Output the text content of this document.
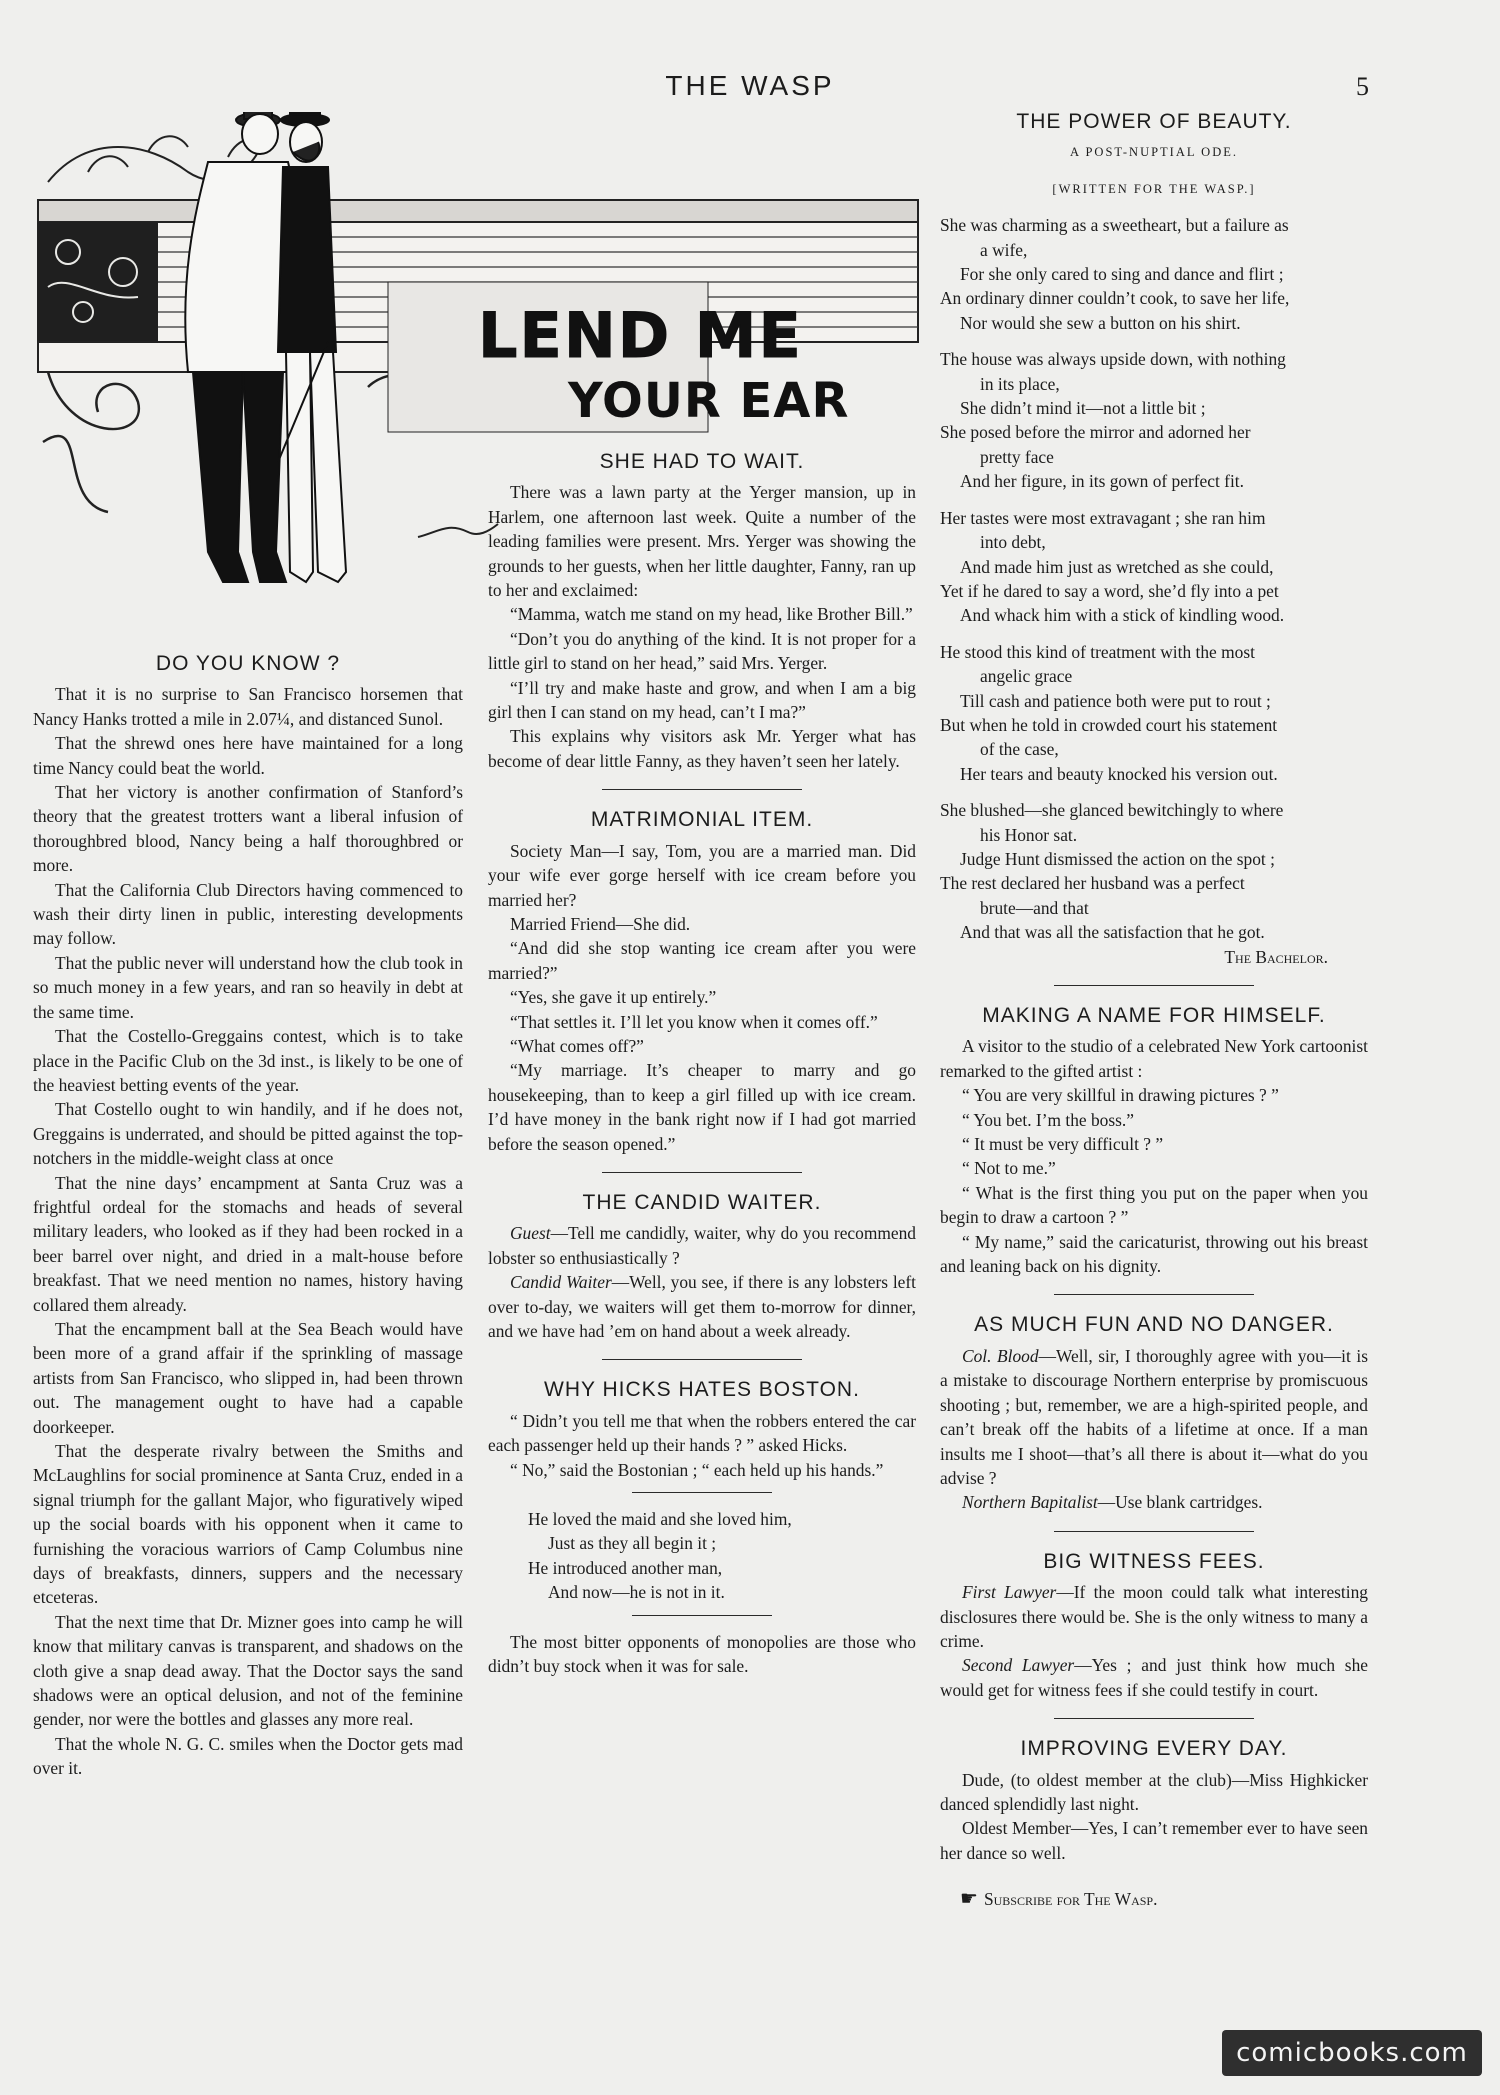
THE WASP	5
LEND ME
YOUR EAR
DO YOU KNOW ?

That it is no surprise to San Francisco horsemen that Nancy Hanks trotted a mile in 2.07¼, and distanced Sunol.

That the shrewd ones here have maintained for a long time Nancy could beat the world.

That her victory is another confirmation of Stanford’s theory that the greatest trotters want a liberal infusion of thoroughbred blood, Nancy being a half thoroughbred or more.

That the California Club Directors having commenced to wash their dirty linen in public, interesting developments may follow.

That the public never will understand how the club took in so much money in a few years, and ran so heavily in debt at the same time.

That the Costello-Greggains contest, which is to take place in the Pacific Club on the 3d inst., is likely to be one of the heaviest betting events of the year.

That Costello ought to win handily, and if he does not, Greggains is underrated, and should be pitted against the top-notchers in the middle-weight class at once

That the nine days’ encampment at Santa Cruz was a frightful ordeal for the stomachs and heads of several military leaders, who looked as if they had been rocked in a beer barrel over night, and dried in a malt-house before breakfast. That we need mention no names, history having collared them already.

That the encampment ball at the Sea Beach would have been more of a grand affair if the sprinkling of massage artists from San Francisco, who slipped in, had been thrown out. The management ought to have had a capable doorkeeper.

That the desperate rivalry between the Smiths and McLaughlins for social prominence at Santa Cruz, ended in a signal triumph for the gallant Major, who figuratively wiped up the social boards with his opponent when it came to furnishing the voracious warriors of Camp Columbus nine days of breakfasts, dinners, suppers and the necessary etceteras.

That the next time that Dr. Mizner goes into camp he will know that military canvas is transparent, and shadows on the cloth give a snap dead away. That the Doctor says the sand shadows were an optical delusion, and not of the feminine gender, nor were the bottles and glasses any more real.

That the whole N. G. C. smiles when the Doctor gets mad over it.

SHE HAD TO WAIT.

There was a lawn party at the Yerger mansion, up in Harlem, one afternoon last week. Quite a number of the leading families were present. Mrs. Yerger was showing the grounds to her guests, when her little daughter, Fanny, ran up to her and exclaimed:

“Mamma, watch me stand on my head, like Brother Bill.”

“Don’t you do anything of the kind. It is not proper for a little girl to stand on her head,” said Mrs. Yerger.

“I’ll try and make haste and grow, and when I am a big girl then I can stand on my head, can’t I ma?”

This explains why visitors ask Mr. Yerger what has become of dear little Fanny, as they haven’t seen her lately.

MATRIMONIAL ITEM.

Society Man—I say, Tom, you are a married man. Did your wife ever gorge herself with ice cream before you married her?

Married Friend—She did.

“And did she stop wanting ice cream after you were married?”

“Yes, she gave it up entirely.”

“That settles it. I’ll let you know when it comes off.”

“What comes off?”

“My marriage. It’s cheaper to marry and go housekeeping, than to keep a girl filled up with ice cream. I’d have money in the bank right now if I had got married before the season opened.”

THE CANDID WAITER.

Guest—Tell me candidly, waiter, why do you recommend lobster so enthusiastically ?

Candid Waiter—Well, you see, if there is any lobsters left over to-day, we waiters will get them to-morrow for dinner, and we have had ’em on hand about a week already.

WHY HICKS HATES BOSTON.

“ Didn’t you tell me that when the robbers entered the car each passenger held up their hands ? ” asked Hicks.

“ No,” said the Bostonian ; “ each held up his hands.”

He loved the maid and she loved him,
Just as they all begin it ;
He introduced another man,
And now—he is not in it.

The most bitter opponents of monopolies are those who didn’t buy stock when it was for sale.

THE POWER OF BEAUTY.
A POST-NUPTIAL ODE.
[WRITTEN FOR THE WASP.]
She was charming as a sweetheart, but a failure as
a wife,
For she only cared to sing and dance and flirt ;
An ordinary dinner couldn’t cook, to save her life,
Nor would she sew a button on his shirt.
The house was always upside down, with nothing
in its place,
She didn’t mind it—not a little bit ;
She posed before the mirror and adorned her
pretty face
And her figure, in its gown of perfect fit.
Her tastes were most extravagant ; she ran him
into debt,
And made him just as wretched as she could,
Yet if he dared to say a word, she’d fly into a pet
And whack him with a stick of kindling wood.
He stood this kind of treatment with the most
angelic grace
Till cash and patience both were put to rout ;
But when he told in crowded court his statement
of the case,
Her tears and beauty knocked his version out.
She blushed—she glanced bewitchingly to where
his Honor sat.
Judge Hunt dismissed the action on the spot ;
The rest declared her husband was a perfect
brute—and that
And that was all the satisfaction that he got.
The Bachelor.
MAKING A NAME FOR HIMSELF.

A visitor to the studio of a celebrated New York cartoonist remarked to the gifted artist :

“ You are very skillful in drawing pictures ? ”

“ You bet. I’m the boss.”

“ It must be very difficult ? ”

“ Not to me.”

“ What is the first thing you put on the paper when you begin to draw a cartoon ? ”

“ My name,” said the caricaturist, throwing out his breast and leaning back on his dignity.

AS MUCH FUN AND NO DANGER.

Col. Blood—Well, sir, I thoroughly agree with you—it is a mistake to discourage Northern enterprise by promiscuous shooting ; but, remember, we are a high-spirited people, and can’t break off the habits of a lifetime at once. If a man insults me I shoot—that’s all there is about it—what do you advise ?

Northern Bapitalist—Use blank cartridges.

BIG WITNESS FEES.

First Lawyer—If the moon could talk what interesting disclosures there would be. She is the only witness to many a crime.

Second Lawyer—Yes ; and just think how much she would get for witness fees if she could testify in court.

IMPROVING EVERY DAY.

Dude, (to oldest member at the club)—Miss Highkicker danced splendidly last night.

Oldest Member—Yes, I can’t remember ever to have seen her dance so well.

☛ Subscribe for The Wasp.
comicbooks.com
